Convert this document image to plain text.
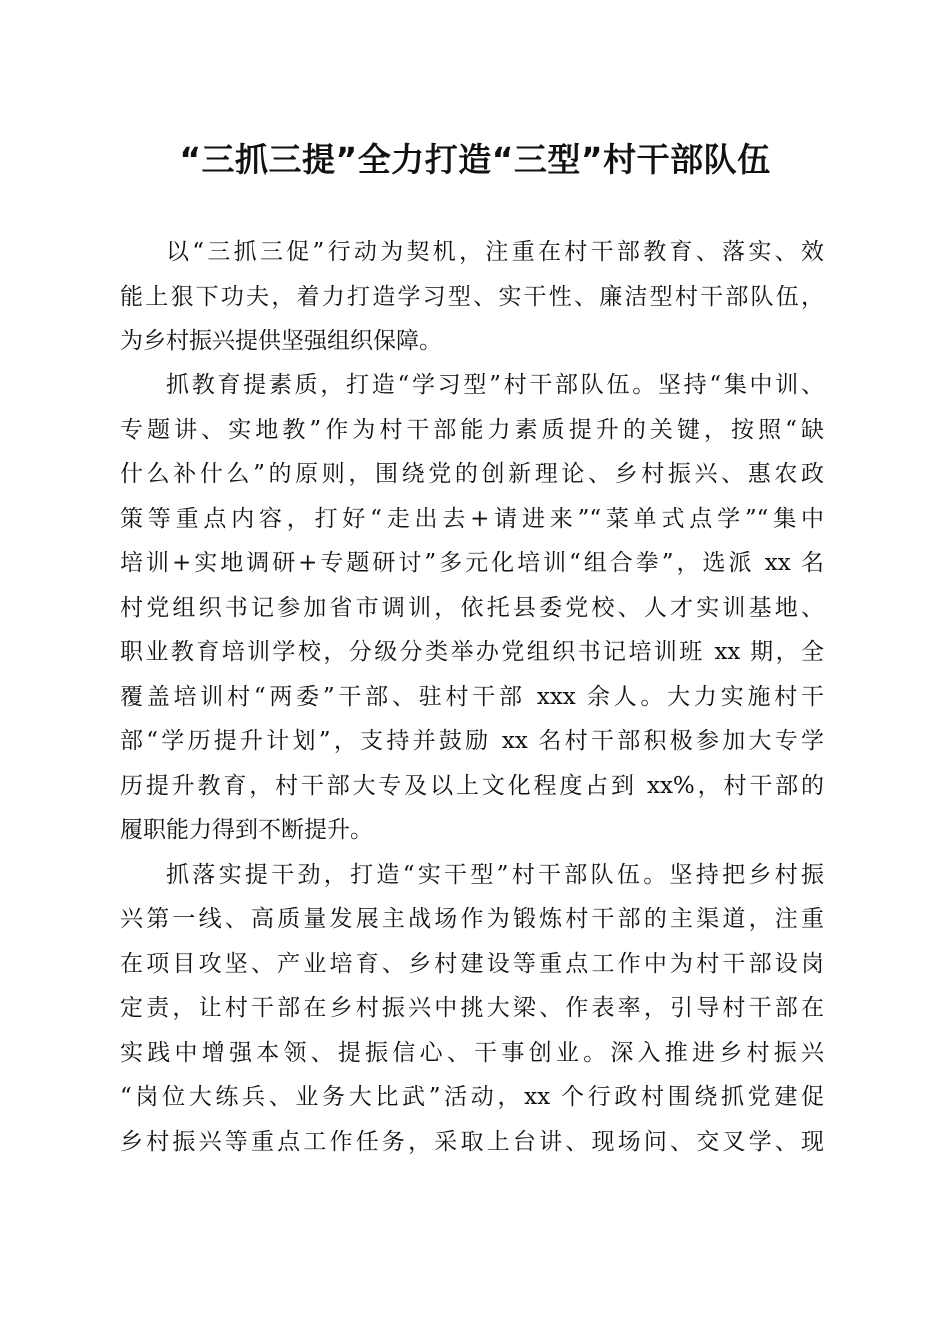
“三抓三提”全力打造“三型”村干部队伍
以“三抓三促”行动为契机，注重在村干部教育、落实、效
能上狠下功夫，着力打造学习型、实干性、廉洁型村干部队伍，
为乡村振兴提供坚强组织保障。
抓教育提素质，打造“学习型”村干部队伍。坚持“集中训、
专题讲、实地教”作为村干部能力素质提升的关键，按照“缺
什么补什么”的原则，围绕党的创新理论、乡村振兴、惠农政
策等重点内容，打好“走出去+请进来”“菜单式点学”“集中
培训+实地调研+专题研讨”多元化培训“组合拳”，选派 xx 名
村党组织书记参加省市调训，依托县委党校、人才实训基地、
职业教育培训学校，分级分类举办党组织书记培训班 xx 期，全
覆盖培训村“两委”干部、驻村干部 xxx 余人。大力实施村干
部“学历提升计划”，支持并鼓励 xx 名村干部积极参加大专学
历提升教育，村干部大专及以上文化程度占到 xx%，村干部的
履职能力得到不断提升。
抓落实提干劲，打造“实干型”村干部队伍。坚持把乡村振
兴第一线、高质量发展主战场作为锻炼村干部的主渠道，注重
在项目攻坚、产业培育、乡村建设等重点工作中为村干部设岗
定责，让村干部在乡村振兴中挑大梁、作表率，引导村干部在
实践中增强本领、提振信心、干事创业。深入推进乡村振兴
“岗位大练兵、业务大比武”活动，xx 个行政村围绕抓党建促
乡村振兴等重点工作任务，采取上台讲、现场问、交叉学、现
